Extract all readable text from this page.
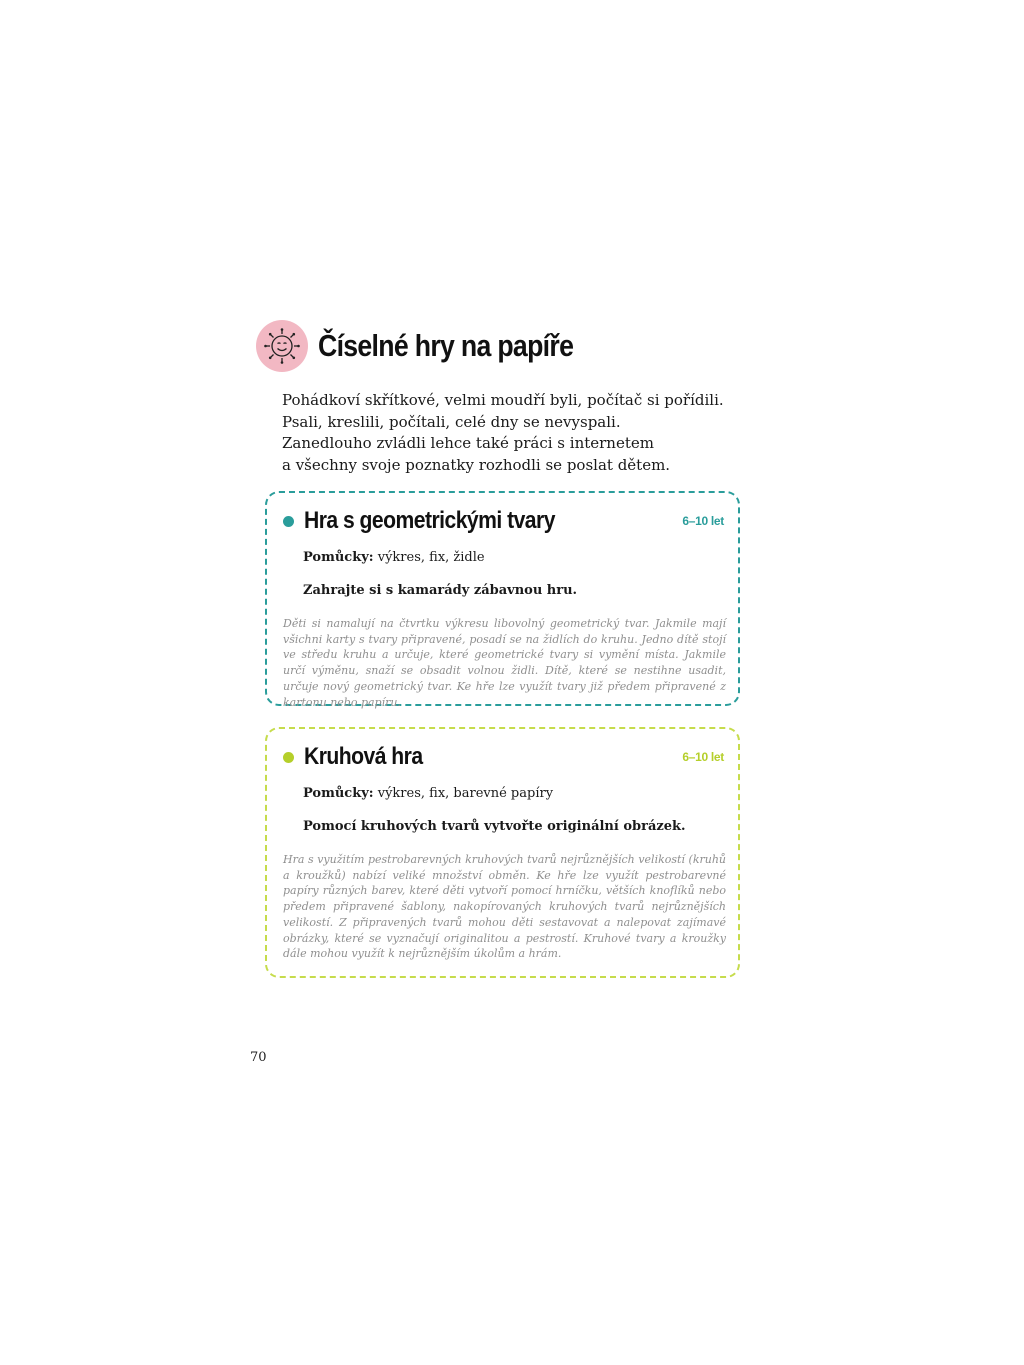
Číselné hry na papíře
Pohádkoví skřítkové, velmi moudří byli, počítač si pořídili.
Psali, kreslili, počítali, celé dny se nevyspali.
Zanedlouho zvládli lehce také práci s internetem
a všechny svoje poznatky rozhodli se poslat dětem.
Hra s geometrickými tvary	6–10 let
Pomůcky: výkres, fix, židle
Zahrajte si s kamarády zábavnou hru.
Děti si namalují na čtvrtku výkresu libovolný geometrický tvar. Jakmile mají všichni karty s tvary připravené, posadí se na židlích do kruhu. Jedno dítě stojí ve středu kruhu a určuje, které geometrické tvary si vymění místa. Jakmile určí výměnu, snaží se obsadit volnou židli. Dítě, které se nestihne usadit, určuje nový geometrický tvar. Ke hře lze využít tvary již předem připravené z kartonu nebo papíru.
Kruhová hra	6–10 let
Pomůcky: výkres, fix, barevné papíry
Pomocí kruhových tvarů vytvořte originální obrázek.
Hra s využitím pestrobarevných kruhových tvarů nejrůznějších velikostí (kruhů a kroužků) nabízí veliké množství obměn. Ke hře lze využít pestrobarevné papíry různých barev, které děti vytvoří pomocí hrníčku, větších knoflíků nebo předem připravené šablony, nakopírovaných kruhových tvarů nejrůznějších velikostí. Z připravených tvarů mohou děti sestavovat a nalepovat zajímavé obrázky, které se vyznačují originalitou a pestrostí. Kruhové tvary a kroužky dále mohou využít k nejrůznějším úkolům a hrám.
70
